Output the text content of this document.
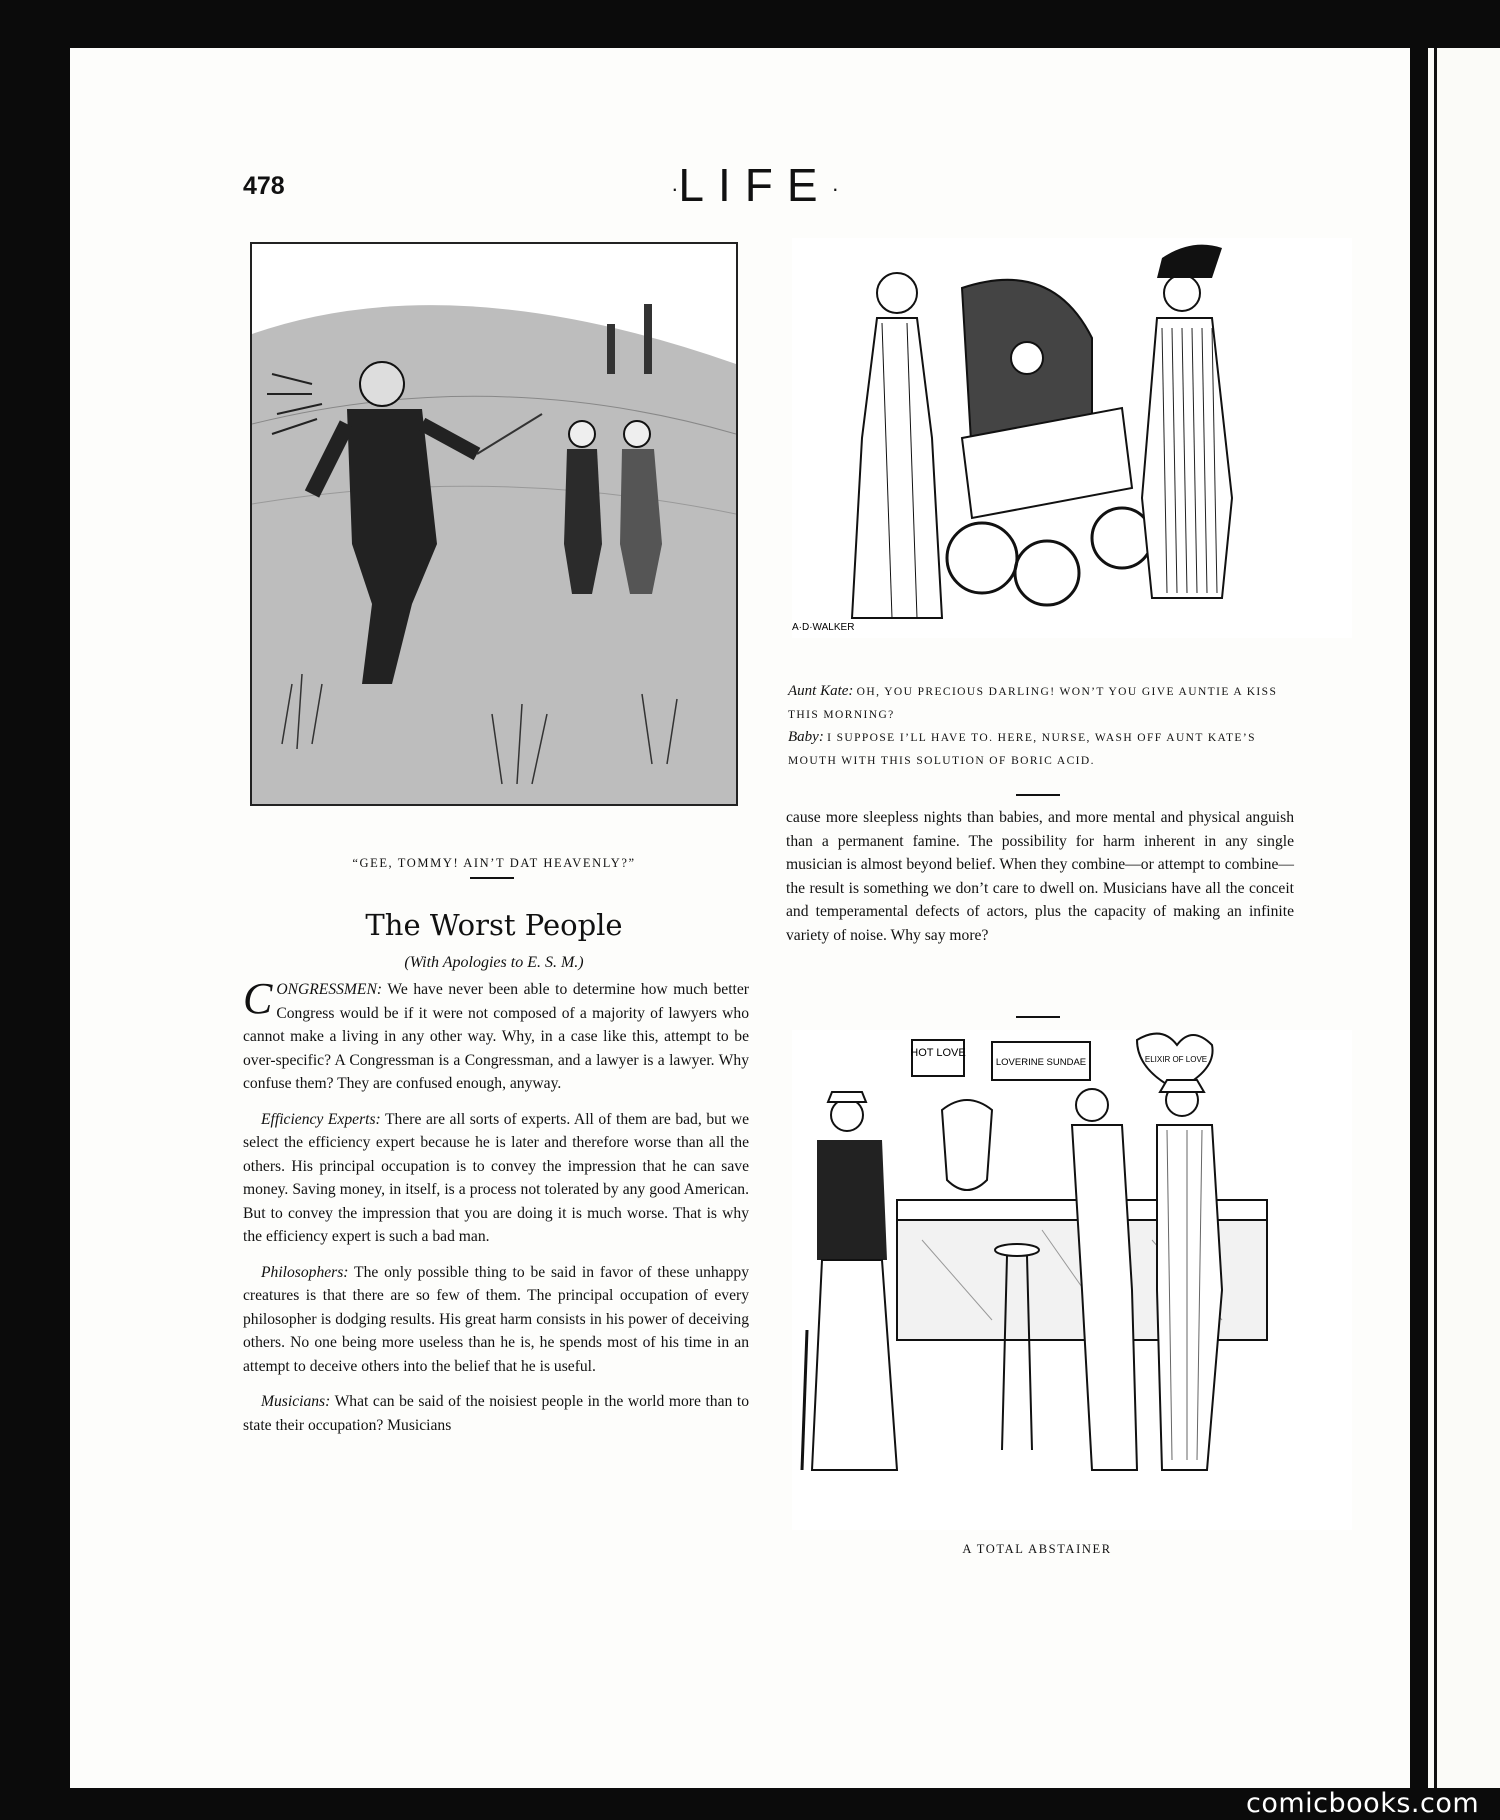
478	·LIFE·
“GEE, TOMMY! AIN’T DAT HEAVENLY?”
A·D·WALKER
Aunt Kate: OH, YOU PRECIOUS DARLING! WON’T YOU GIVE AUNTIE A KISS THIS MORNING?
Baby: I SUPPOSE I’LL HAVE TO. HERE, NURSE, WASH OFF AUNT KATE’S MOUTH WITH THIS SOLUTION OF BORIC ACID.
The Worst People
(With Apologies to E. S. M.)

CONGRESSMEN: We have never been able to determine how much better Congress would be if it were not composed of a majority of lawyers who cannot make a living in any other way. Why, in a case like this, attempt to be over-specific? A Congressman is a Congressman, and a lawyer is a lawyer. Why confuse them? They are confused enough, anyway.

Efficiency Experts: There are all sorts of experts. All of them are bad, but we select the efficiency expert because he is later and therefore worse than all the others. His principal occupation is to convey the impression that he can save money. Saving money, in itself, is a process not tolerated by any good American. But to convey the impression that you are doing it is much worse. That is why the efficiency expert is such a bad man.

Philosophers: The only possible thing to be said in favor of these unhappy creatures is that there are so few of them. The principal occupation of every philosopher is dodging results. His great harm consists in his power of deceiving others. No one being more useless than he is, he spends most of his time in an attempt to deceive others into the belief that he is useful.

Musicians: What can be said of the noisiest people in the world more than to state their occupation? Musicians

cause more sleepless nights than babies, and more mental and physical anguish than a permanent famine. The possibility for harm inherent in any single musician is almost beyond belief. When they combine—or attempt to combine—the result is something we don’t care to dwell on. Musicians have all the conceit and temperamental defects of actors, plus the capacity of making an infinite variety of noise. Why say more?

HOT LOVE
LOVERINE SUNDAE	ELIXIR OF LOVE
A TOTAL ABSTAINER
comicbooks.com
